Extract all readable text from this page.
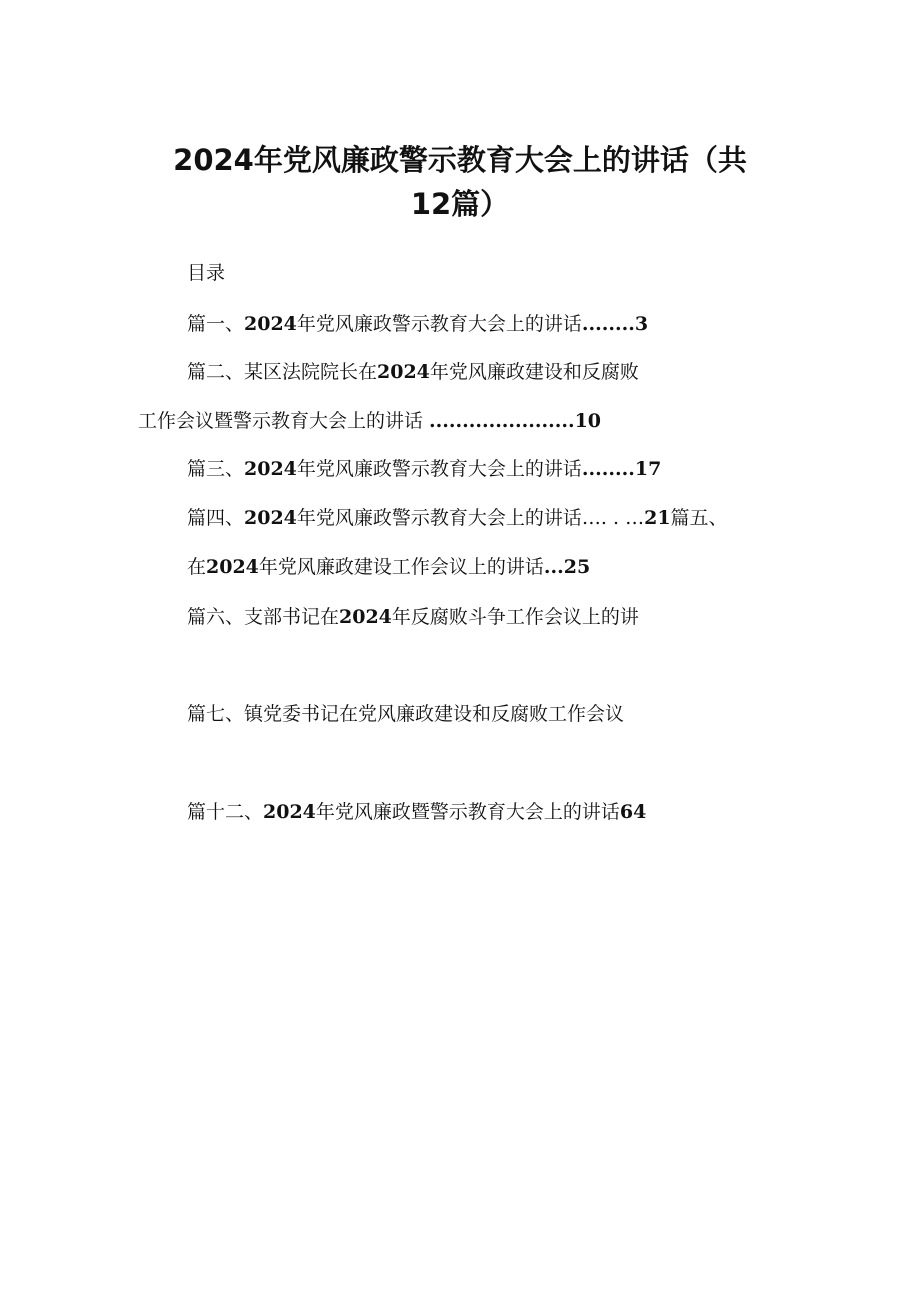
2024年党风廉政警示教育大会上的讲话（共
12篇）
目录
篇一、2024年党风廉政警示教育大会上的讲话........3
篇二、某区法院院长在2024年党风廉政建设和反腐败
工作会议暨警示教育大会上的讲话 ......................10
篇三、2024年党风廉政警示教育大会上的讲话........17
篇四、2024年党风廉政警示教育大会上的讲话…. . …21篇五、
在2024年党风廉政建设工作会议上的讲话...25
篇六、支部书记在2024年反腐败斗争工作会议上的讲
篇七、镇党委书记在党风廉政建设和反腐败工作会议
篇十二、2024年党风廉政暨警示教育大会上的讲话64
